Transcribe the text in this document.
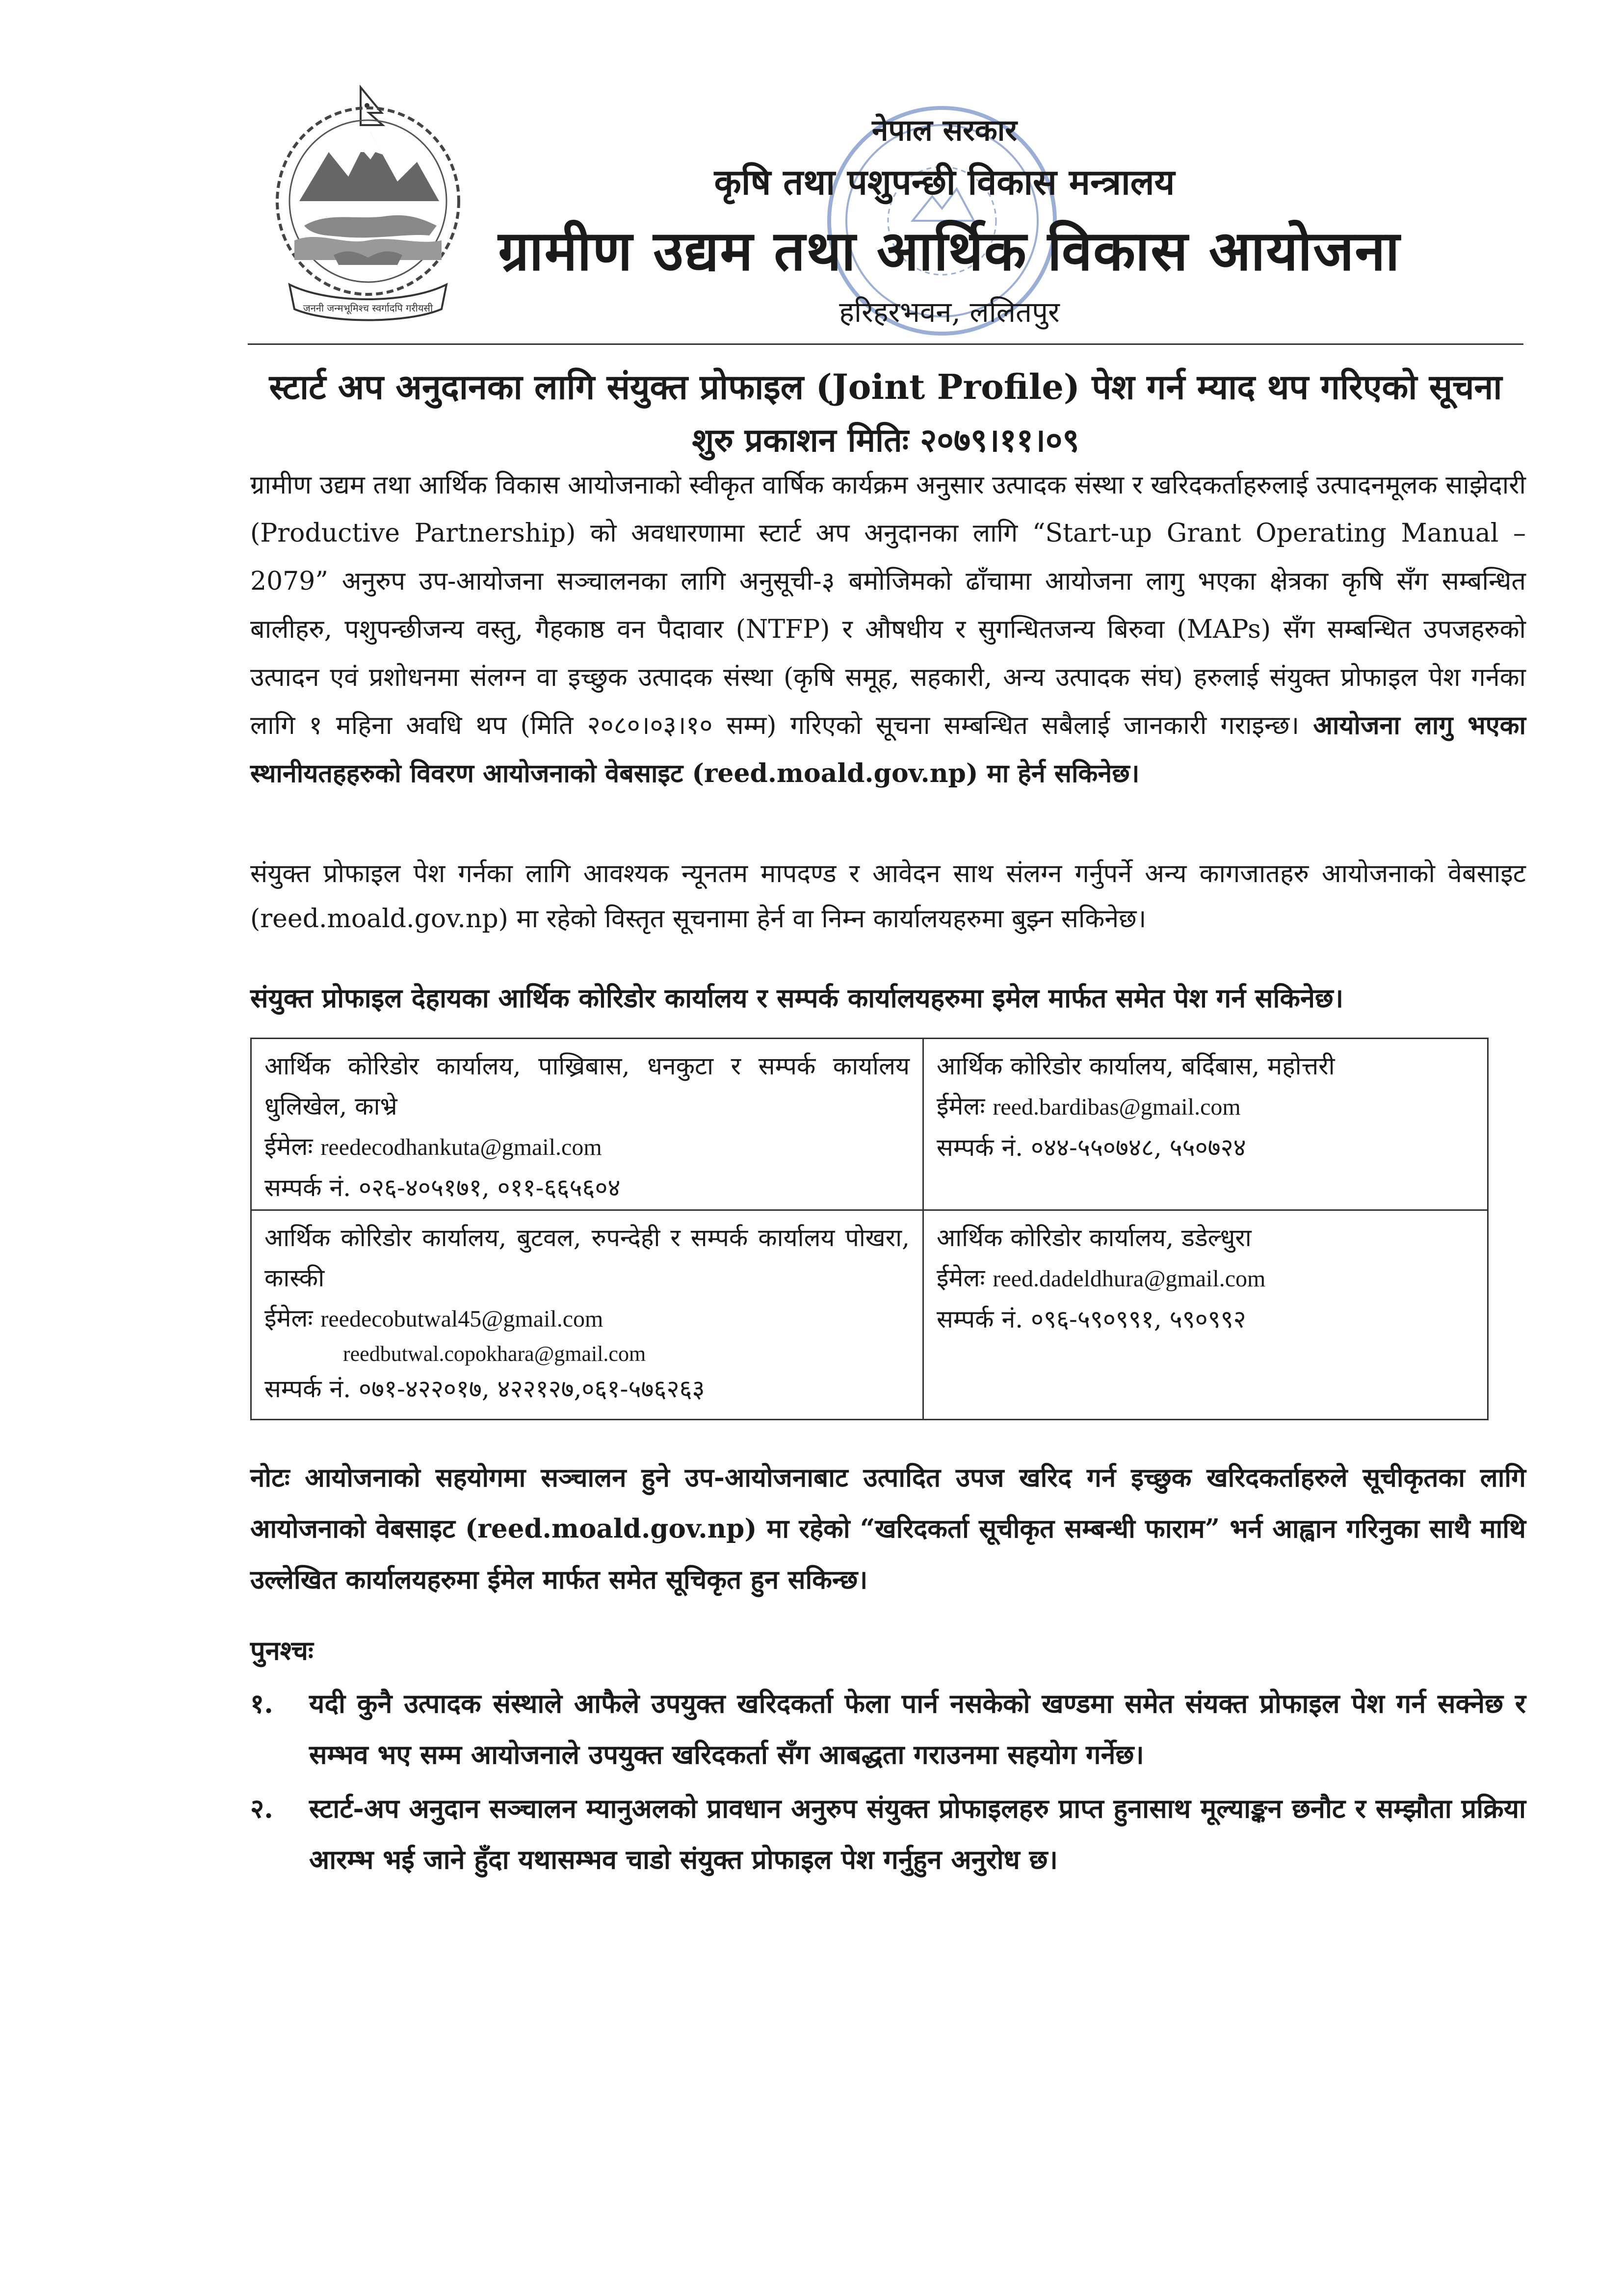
जननी जन्मभूमिश्च स्वर्गादपि गरीयसी
नेपाल सरकार
कृषि तथा पशुपन्छी विकास मन्त्रालय
ग्रामीण उद्यम तथा आर्थिक विकास आयोजना
हरिहरभवन, ललितपुर
स्टार्ट अप अनुदानका लागि संयुक्त प्रोफाइल (Joint Profile) पेश गर्न म्याद थप गरिएको सूचना
शुरु प्रकाशन मितिः २०७९।११।०९
ग्रामीण उद्यम तथा आर्थिक विकास आयोजनाको स्वीकृत वार्षिक कार्यक्रम अनुसार उत्पादक संस्था र खरिदकर्ताहरुलाई उत्पादनमूलक साझेदारी (Productive Partnership) को अवधारणामा स्टार्ट अप अनुदानका लागि “Start-up Grant Operating Manual – 2079” अनुरुप उप-आयोजना सञ्चालनका लागि अनुसूची-३ बमोजिमको ढाँचामा आयोजना लागु भएका क्षेत्रका कृषि सँग सम्बन्धित बालीहरु, पशुपन्छीजन्य वस्तु, गैहकाष्ठ वन पैदावार (NTFP) र औषधीय र सुगन्धितजन्य बिरुवा (MAPs) सँग सम्बन्धित उपजहरुको उत्पादन एवं प्रशोधनमा संलग्न वा इच्छुक उत्पादक संस्था (कृषि समूह, सहकारी, अन्य उत्पादक संघ) हरुलाई संयुक्त प्रोफाइल पेश गर्नका लागि १ महिना अवधि थप (मिति २०८०।०३।१० सम्म) गरिएको सूचना सम्बन्धित सबैलाई जानकारी गराइन्छ। आयोजना लागु भएका स्थानीयतहहरुको विवरण आयोजनाको वेबसाइट (reed.moald.gov.np) मा हेर्न सकिनेछ।
संयुक्त प्रोफाइल पेश गर्नका लागि आवश्यक न्यूनतम मापदण्ड र आवेदन साथ संलग्न गर्नुपर्ने अन्य कागजातहरु आयोजनाको वेबसाइट (reed.moald.gov.np) मा रहेको विस्तृत सूचनामा हेर्न वा निम्न कार्यालयहरुमा बुझ्न सकिनेछ।
संयुक्त प्रोफाइल देहायका आर्थिक कोरिडोर कार्यालय र सम्पर्क कार्यालयहरुमा इमेल मार्फत समेत पेश गर्न सकिनेछ।
आर्थिक कोरिडोर कार्यालय, पाख्रिबास, धनकुटा र सम्पर्क कार्यालय धुलिखेल, काभ्रे
ईमेलः reedecodhankuta@gmail.com
सम्पर्क नं. ०२६-४०५१७१, ०११-६६५६०४
आर्थिक कोरिडोर कार्यालय, बर्दिबास, महोत्तरी
ईमेलः reed.bardibas@gmail.com
सम्पर्क नं. ०४४-५५०७४८, ५५०७२४
आर्थिक कोरिडोर कार्यालय, बुटवल, रुपन्देही र सम्पर्क कार्यालय पोखरा, कास्की
ईमेलः reedecobutwal45@gmail.com
reedbutwal.copokhara@gmail.com
सम्पर्क नं. ०७१-४२२०१७, ४२२१२७,०६१-५७६२६३
आर्थिक कोरिडोर कार्यालय, डडेल्धुरा
ईमेलः reed.dadeldhura@gmail.com
सम्पर्क नं. ०९६-५९०९९१, ५९०९९२
नोटः आयोजनाको सहयोगमा सञ्चालन हुने उप-आयोजनाबाट उत्पादित उपज खरिद गर्न इच्छुक खरिदकर्ताहरुले सूचीकृतका लागि आयोजनाको वेबसाइट (reed.moald.gov.np) मा रहेको “खरिदकर्ता सूचीकृत सम्बन्धी फाराम” भर्न आह्वान गरिनुका साथै माथि उल्लेखित कार्यालयहरुमा ईमेल मार्फत समेत सूचिकृत हुन सकिन्छ।
पुनश्चः
१.	यदी कुनै उत्पादक संस्थाले आफैले उपयुक्त खरिदकर्ता फेला पार्न नसकेको खण्डमा समेत संयक्त प्रोफाइल पेश गर्न सक्नेछ र सम्भव भए सम्म आयोजनाले उपयुक्त खरिदकर्ता सँग आबद्धता गराउनमा सहयोग गर्नेछ।
२.	स्टार्ट-अप अनुदान सञ्चालन म्यानुअलको प्रावधान अनुरुप संयुक्त प्रोफाइलहरु प्राप्त हुनासाथ मूल्याङ्कन छनौट र सम्झौता प्रक्रिया आरम्भ भई जाने हुँदा यथासम्भव चाडो संयुक्त प्रोफाइल पेश गर्नुहुन अनुरोध छ।
